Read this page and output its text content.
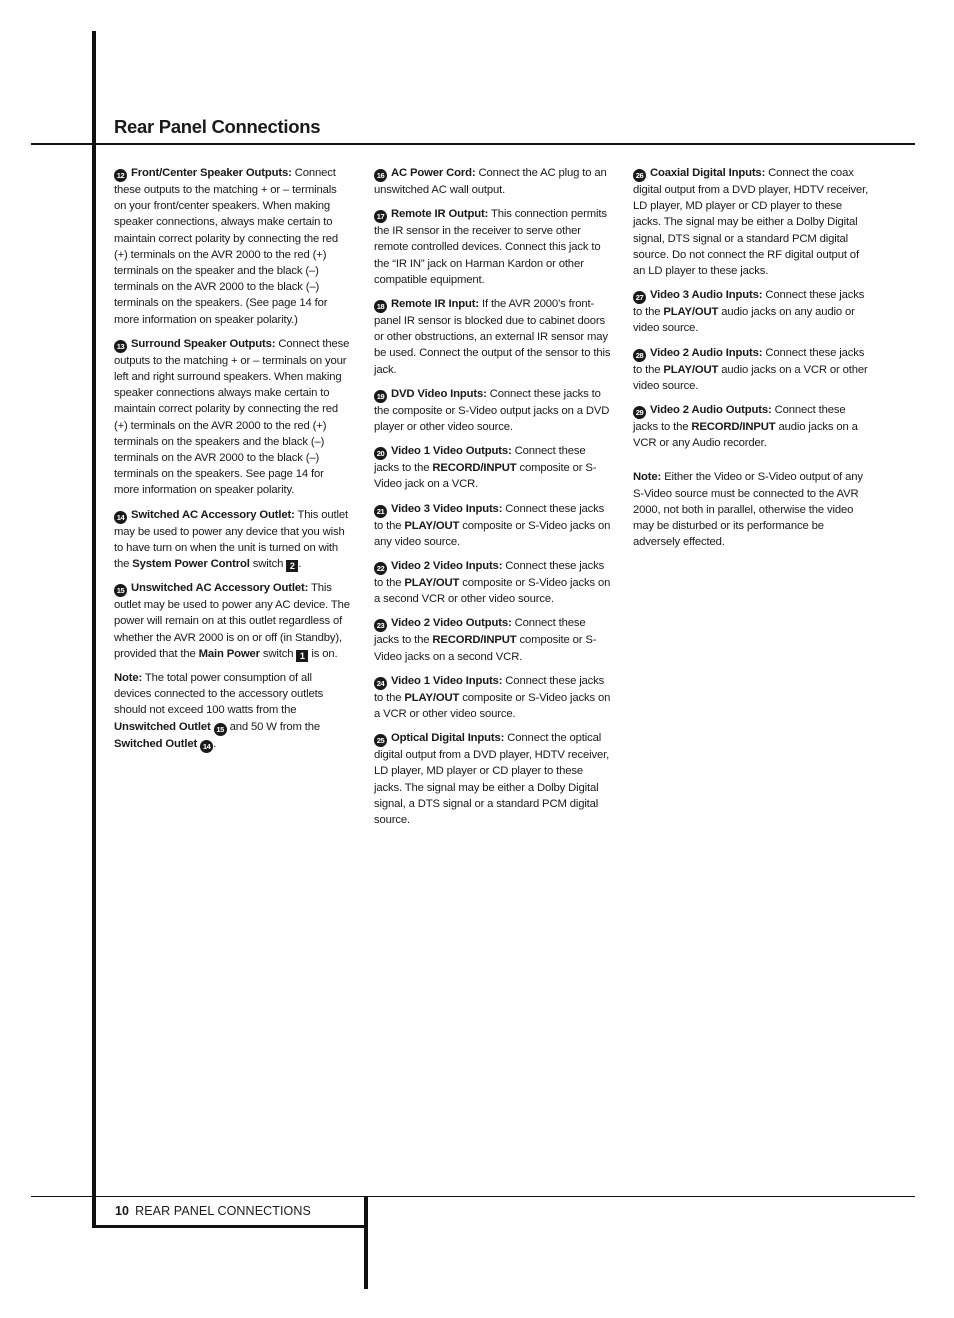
Rear Panel Connections

12 Front/Center Speaker Outputs: Connect these outputs to the matching + or – terminals on your front/center speakers. When making speaker connections, always make certain to maintain correct polarity by connecting the red (+) terminals on the AVR 2000 to the red (+) terminals on the speaker and the black (–) terminals on the AVR 2000 to the black (–) terminals on the speakers. (See page 14 for more information on speaker polarity.)

13 Surround Speaker Outputs: Connect these outputs to the matching + or – terminals on your left and right surround speakers. When making speaker connections always make certain to maintain correct polarity by connecting the red (+) terminals on the AVR 2000 to the red (+) terminals on the speakers and the black (–) terminals on the AVR 2000 to the black (–) terminals on the speakers. See page 14 for more information on speaker polarity.

14 Switched AC Accessory Outlet: This outlet may be used to power any device that you wish to have turn on when the unit is turned on with the System Power Control switch 2 .

15 Unswitched AC Accessory Outlet: This outlet may be used to power any AC device. The power will remain on at this outlet regardless of whether the AVR 2000 is on or off (in Standby), provided that the Main Power switch 1 is on.

Note: The total power consumption of all devices connected to the accessory outlets should not exceed 100 watts from the Unswitched Outlet 15 and 50 W from the Switched Outlet 14 .

16 AC Power Cord: Connect the AC plug to an unswitched AC wall output.

17 Remote IR Output: This connection permits the IR sensor in the receiver to serve other remote controlled devices. Connect this jack to the “IR IN” jack on Harman Kardon or other compatible equipment.

18 Remote IR Input: If the AVR 2000’s front-panel IR sensor is blocked due to cabinet doors or other obstructions, an external IR sensor may be used. Connect the output of the sensor to this jack.

19 DVD Video Inputs: Connect these jacks to the composite or S-Video output jacks on a DVD player or other video source.

20 Video 1 Video Outputs: Connect these jacks to the RECORD/INPUT composite or S-Video jack on a VCR.

21 Video 3 Video Inputs: Connect these jacks to the PLAY/OUT composite or S-Video jacks on any video source.

22 Video 2 Video Inputs: Connect these jacks to the PLAY/OUT composite or S-Video jacks on a second VCR or other video source.

23 Video 2 Video Outputs: Connect these jacks to the RECORD/INPUT composite or S-Video jacks on a second VCR.

24 Video 1 Video Inputs: Connect these jacks to the PLAY/OUT composite or S-Video jacks on a VCR or other video source.

25 Optical Digital Inputs: Connect the optical digital output from a DVD player, HDTV receiver, LD player, MD player or CD player to these jacks. The signal may be either a Dolby Digital signal, a DTS signal or a standard PCM digital source.

26 Coaxial Digital Inputs: Connect the coax digital output from a DVD player, HDTV receiver, LD player, MD player or CD player to these jacks. The signal may be either a Dolby Digital signal, DTS signal or a standard PCM digital source. Do not connect the RF digital output of an LD player to these jacks.

27 Video 3 Audio Inputs: Connect these jacks to the PLAY/OUT audio jacks on any audio or video source.

28 Video 2 Audio Inputs: Connect these jacks to the PLAY/OUT audio jacks on a VCR or other video source.

29 Video 2 Audio Outputs: Connect these jacks to the RECORD/INPUT audio jacks on a VCR or any Audio recorder.

Note: Either the Video or S-Video output of any S-Video source must be connected to the AVR 2000, not both in parallel, otherwise the video may be disturbed or its performance be adversely effected.

10 REAR PANEL CONNECTIONS
